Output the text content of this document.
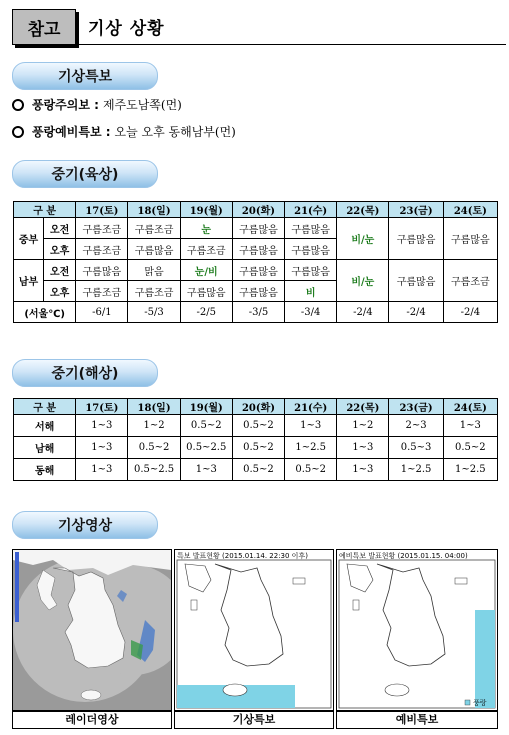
참고	기상 상황
기상특보
풍랑주의보 : 제주도남쪽(먼)
풍랑예비특보 : 오늘 오후 동해남부(먼)
중기(육상)
구 분		17(토)	18(일)	19(월)	20(화)	21(수)	22(목)	23(금)	24(토)
중부	오전	구름조금	구름조금	눈	구름많음	구름많음	비/눈	구름많음	구름많음
	오후	구름조금	구름많음	구름조금	구름많음	구름많음			
남부	오전	구름많음	맑음	눈/비	구름많음	구름많음	비/눈	구름많음	구름조금
	오후	구름조금	구름조금	구름많음	구름많음	비			
(서울℃)		-6/1	-5/3	-2/5	-3/5	-3/4	-2/4	-2/4	-2/4
중기(해상)
구 분	17(토)	18(일)	19(월)	20(화)	21(수)	22(목)	23(금)	24(토)
서해	1~3	1~2	0.5~2	0.5~2	1~3	1~2	2~3	1~3
남해	1~3	0.5~2	0.5~2.5	0.5~2	1~2.5	1~3	0.5~3	0.5~2
동해	1~3	0.5~2.5	1~3	0.5~2	0.5~2	1~3	1~2.5	1~2.5
기상영상
특보 발표현황 (2015.01.14. 22:30 이후)	예비특보 발표현황 (2015.01.15. 04:00)
풍랑
레이더영상	기상특보	예비특보
